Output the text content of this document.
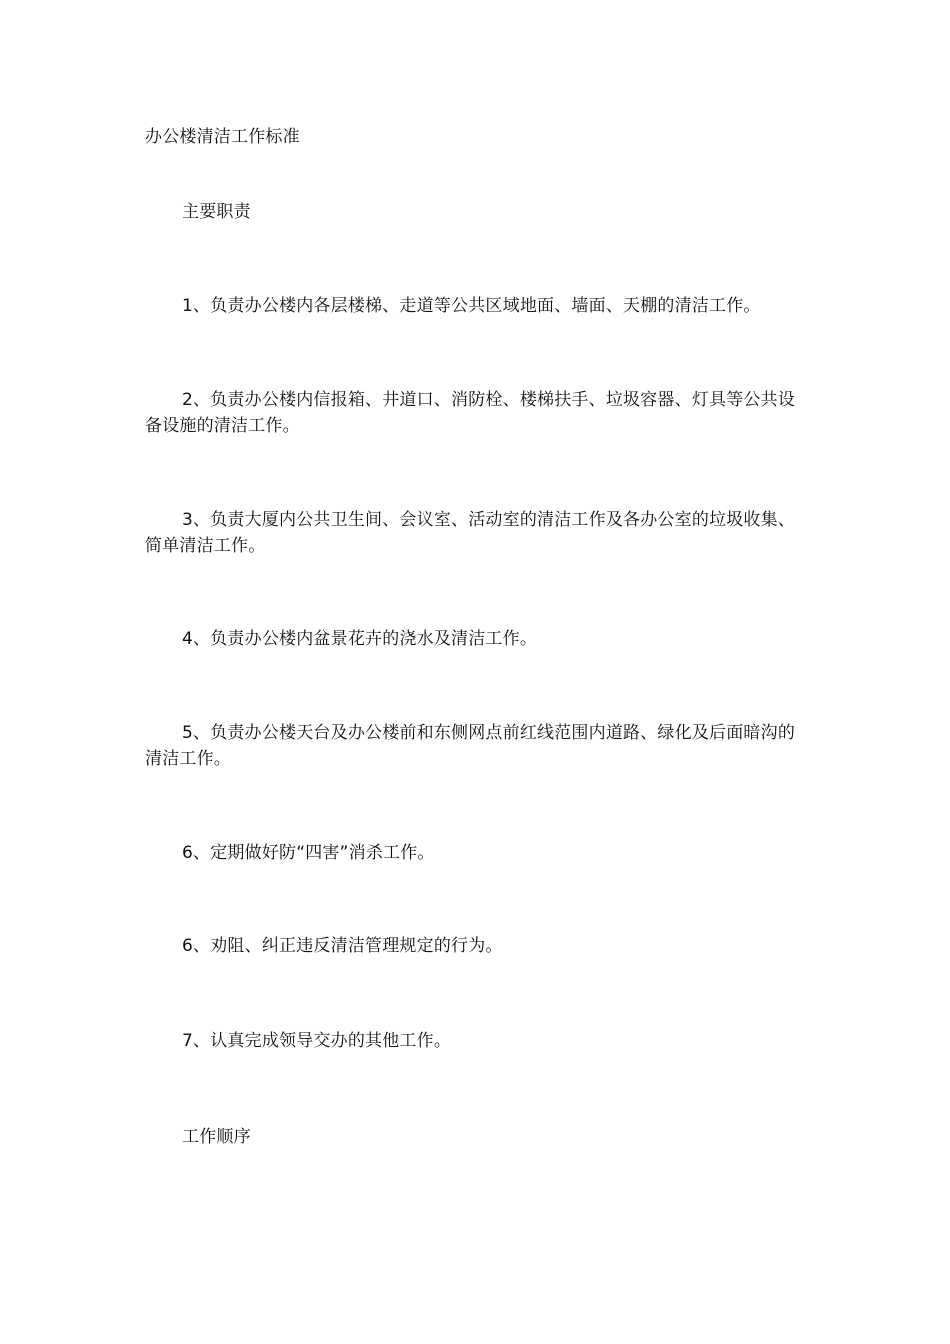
办公楼清洁工作标准

主要职责

1、负责办公楼内各层楼梯、走道等公共区域地面、墙面、天棚的清洁工作。

2、负责办公楼内信报箱、井道口、消防栓、楼梯扶手、垃圾容器、灯具等公共设备设施的清洁工作。

3、负责大厦内公共卫生间、会议室、活动室的清洁工作及各办公室的垃圾收集、简单清洁工作。

4、负责办公楼内盆景花卉的浇水及清洁工作。

5、负责办公楼天台及办公楼前和东侧网点前红线范围内道路、绿化及后面暗沟的清洁工作。

6、定期做好防“四害”消杀工作。

6、劝阻、纠正违反清洁管理规定的行为。

7、认真完成领导交办的其他工作。

工作顺序
